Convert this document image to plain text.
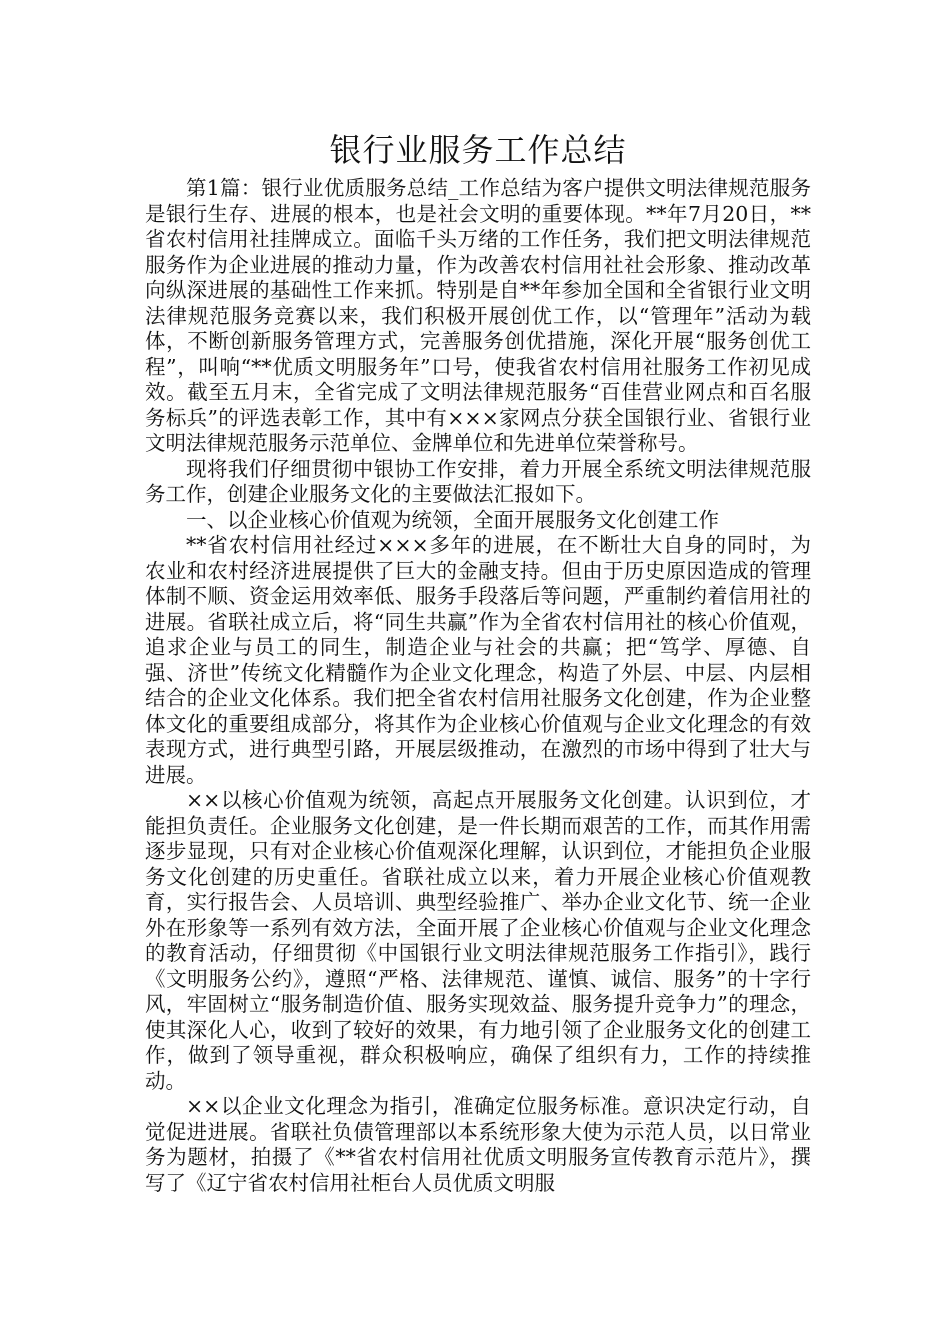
银行业服务工作总结

第1篇：银行业优质服务总结_工作总结为客户提供文明法律规范服务是银行生存、进展的根本，也是社会文明的重要体现。**年7月20日，**省农村信用社挂牌成立。面临千头万绪的工作任务，我们把文明法律规范服务作为企业进展的推动力量，作为改善农村信用社社会形象、推动改革向纵深进展的基础性工作来抓。特别是自**年参加全国和全省银行业文明法律规范服务竞赛以来，我们积极开展创优工作，以“管理年”活动为载体，不断创新服务管理方式，完善服务创优措施，深化开展“服务创优工程”，叫响“**优质文明服务年”口号，使我省农村信用社服务工作初见成效。截至五月末，全省完成了文明法律规范服务“百佳营业网点和百名服务标兵”的评选表彰工作，其中有×××家网点分获全国银行业、省银行业文明法律规范服务示范单位、金牌单位和先进单位荣誉称号。

现将我们仔细贯彻中银协工作安排，着力开展全系统文明法律规范服务工作，创建企业服务文化的主要做法汇报如下。

一、以企业核心价值观为统领，全面开展服务文化创建工作

**省农村信用社经过×××多年的进展，在不断壮大自身的同时，为农业和农村经济进展提供了巨大的金融支持。但由于历史原因造成的管理体制不顺、资金运用效率低、服务手段落后等问题，严重制约着信用社的进展。省联社成立后，将“同生共赢”作为全省农村信用社的核心价值观，追求企业与员工的同生，制造企业与社会的共赢；把“笃学、厚德、自强、济世”传统文化精髓作为企业文化理念，构造了外层、中层、内层相结合的企业文化体系。我们把全省农村信用社服务文化创建，作为企业整体文化的重要组成部分，将其作为企业核心价值观与企业文化理念的有效表现方式，进行典型引路，开展层级推动，在激烈的市场中得到了壮大与进展。

××以核心价值观为统领，高起点开展服务文化创建。认识到位，才能担负责任。企业服务文化创建，是一件长期而艰苦的工作，而其作用需逐步显现，只有对企业核心价值观深化理解，认识到位，才能担负企业服务文化创建的历史重任。省联社成立以来，着力开展企业核心价值观教育，实行报告会、人员培训、典型经验推广、举办企业文化节、统一企业外在形象等一系列有效方法，全面开展了企业核心价值观与企业文化理念的教育活动，仔细贯彻《中国银行业文明法律规范服务工作指引》，践行《文明服务公约》，遵照“严格、法律规范、谨慎、诚信、服务”的十字行风，牢固树立“服务制造价值、服务实现效益、服务提升竞争力”的理念，使其深化人心，收到了较好的效果，有力地引领了企业服务文化的创建工作，做到了领导重视，群众积极响应，确保了组织有力，工作的持续推动。

××以企业文化理念为指引，准确定位服务标准。意识决定行动，自觉促进进展。省联社负债管理部以本系统形象大使为示范人员，以日常业务为题材，拍摄了《**省农村信用社优质文明服务宣传教育示范片》，撰写了《辽宁省农村信用社柜台人员优质文明服
